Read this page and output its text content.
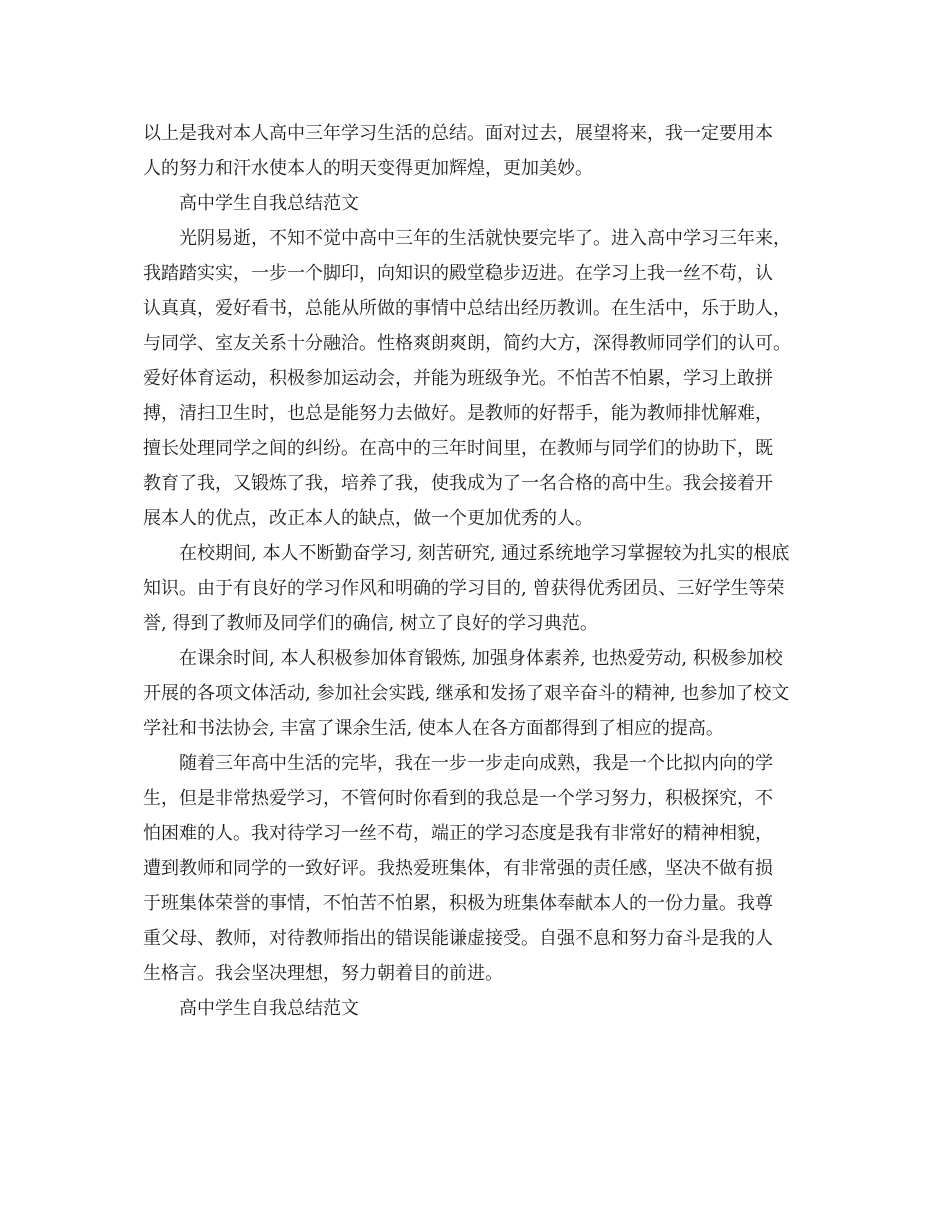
以上是我对本人高中三年学习生活的总结。面对过去，展望将来，我一定要用本
人的努力和汗水使本人的明天变得更加辉煌，更加美妙。
高中学生自我总结范文
光阴易逝，不知不觉中高中三年的生活就快要完毕了。进入高中学习三年来，
我踏踏实实，一步一个脚印，向知识的殿堂稳步迈进。在学习上我一丝不苟，认
认真真，爱好看书，总能从所做的事情中总结出经历教训。在生活中，乐于助人，
与同学、室友关系十分融洽。性格爽朗爽朗，简约大方，深得教师同学们的认可。
爱好体育运动，积极参加运动会，并能为班级争光。不怕苦不怕累，学习上敢拼
搏，清扫卫生时，也总是能努力去做好。是教师的好帮手，能为教师排忧解难，
擅长处理同学之间的纠纷。在高中的三年时间里，在教师与同学们的协助下，既
教育了我，又锻炼了我，培养了我，使我成为了一名合格的高中生。我会接着开
展本人的优点，改正本人的缺点，做一个更加优秀的人。
在校期间, 本人不断勤奋学习, 刻苦研究, 通过系统地学习掌握较为扎实的根底
知识。由于有良好的学习作风和明确的学习目的, 曾获得优秀团员、三好学生等荣
誉, 得到了教师及同学们的确信, 树立了良好的学习典范。
在课余时间, 本人积极参加体育锻炼, 加强身体素养, 也热爱劳动, 积极参加校
开展的各项文体活动, 参加社会实践, 继承和发扬了艰辛奋斗的精神, 也参加了校文
学社和书法协会, 丰富了课余生活, 使本人在各方面都得到了相应的提高。
随着三年高中生活的完毕，我在一步一步走向成熟，我是一个比拟内向的学
生，但是非常热爱学习，不管何时你看到的我总是一个学习努力，积极探究，不
怕困难的人。我对待学习一丝不苟，端正的学习态度是我有非常好的精神相貌，
遭到教师和同学的一致好评。我热爱班集体，有非常强的责任感，坚决不做有损
于班集体荣誉的事情，不怕苦不怕累，积极为班集体奉献本人的一份力量。我尊
重父母、教师，对待教师指出的错误能谦虚接受。自强不息和努力奋斗是我的人
生格言。我会坚决理想，努力朝着目的前进。
高中学生自我总结范文
